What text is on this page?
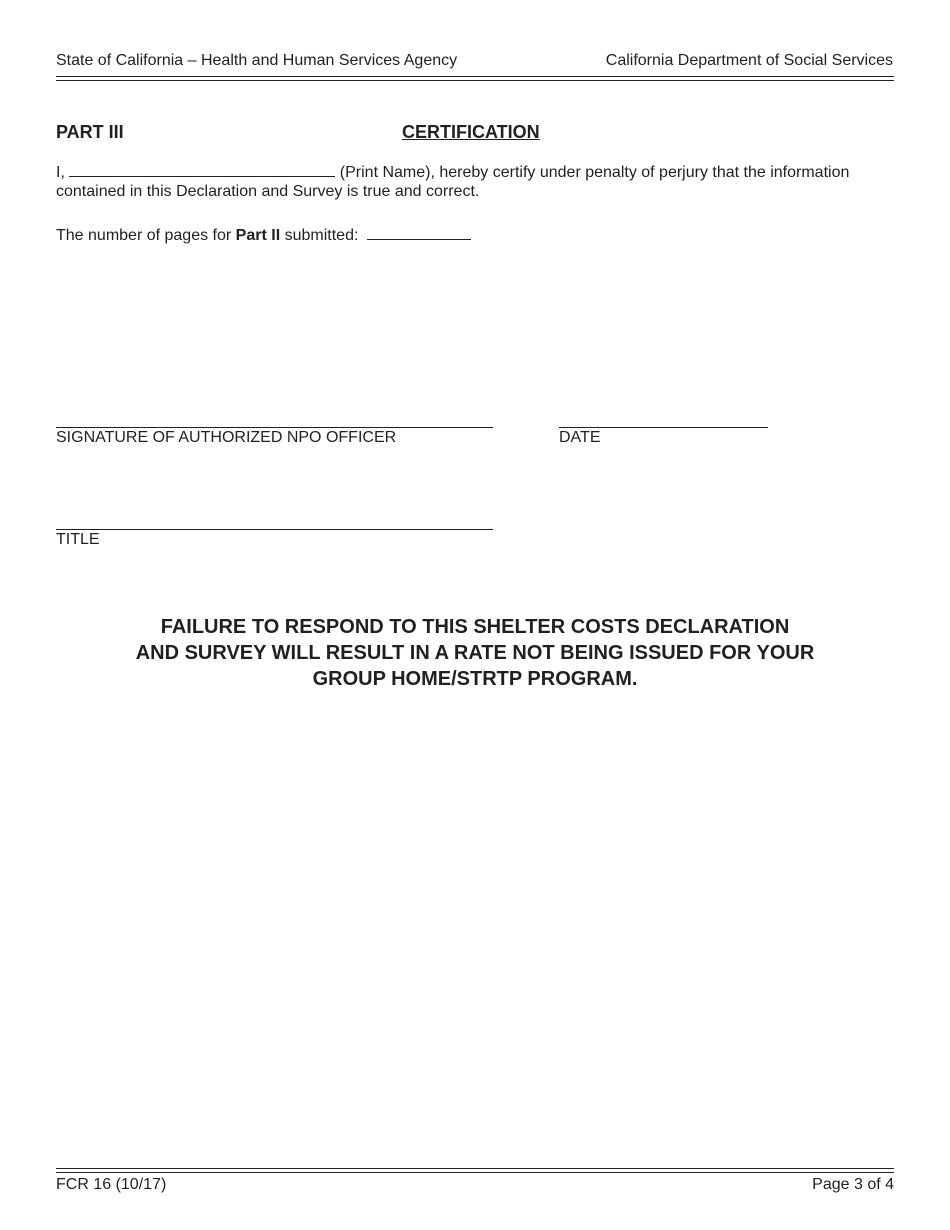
State of California – Health and Human Services Agency	California Department of Social Services
PART III	CERTIFICATION
I,	(Print Name), hereby certify under penalty of perjury that the information
contained in this Declaration and Survey is true and correct.
The number of pages for Part II submitted:
SIGNATURE OF AUTHORIZED NPO OFFICER	DATE
TITLE
FAILURE TO RESPOND TO THIS SHELTER COSTS DECLARATION
AND SURVEY WILL RESULT IN A RATE NOT BEING ISSUED FOR YOUR
GROUP HOME/STRTP PROGRAM.
FCR 16 (10/17)	Page 3 of 4
